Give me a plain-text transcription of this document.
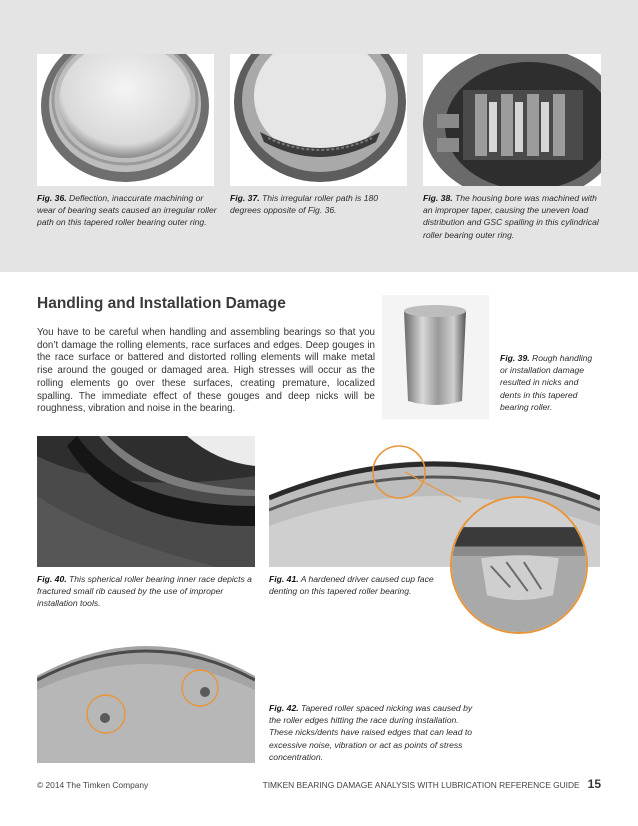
Fig. 36. Deflection, inaccurate machining or wear of bearing seats caused an irregular roller path on this tapered roller bearing outer ring.
Fig. 37. This irregular roller path is 180 degrees opposite of Fig. 36.
Fig. 38. The housing bore was machined with an improper taper, causing the uneven load distribution and GSC spalling in this cylindrical roller bearing outer ring.
Handling and Installation Damage
You have to be careful when handling and assembling bearings so that you don’t damage the rolling elements, race surfaces and edges. Deep gouges in the race surface or battered and distorted rolling elements will make metal rise around the gouged or damaged area. High stresses will occur as the rolling elements go over these surfaces, creating premature, localized spalling. The immediate effect of these gouges and deep nicks will be roughness, vibration and noise in the bearing.
Fig. 39. Rough handling or installation damage resulted in nicks and dents in this tapered bearing roller.
Fig. 40. This spherical roller bearing inner race depicts a fractured small rib caused by the use of improper installation tools.
Fig. 41. A hardened driver caused cup face denting on this tapered roller bearing.
Fig. 42. Tapered roller spaced nicking was caused by the roller edges hitting the race during installation. These nicks/dents have raised edges that can lead to excessive noise, vibration or act as points of stress concentration.
© 2014 The Timken Company	TIMKEN BEARING DAMAGE ANALYSIS WITH LUBRICATION REFERENCE GUIDE 15
